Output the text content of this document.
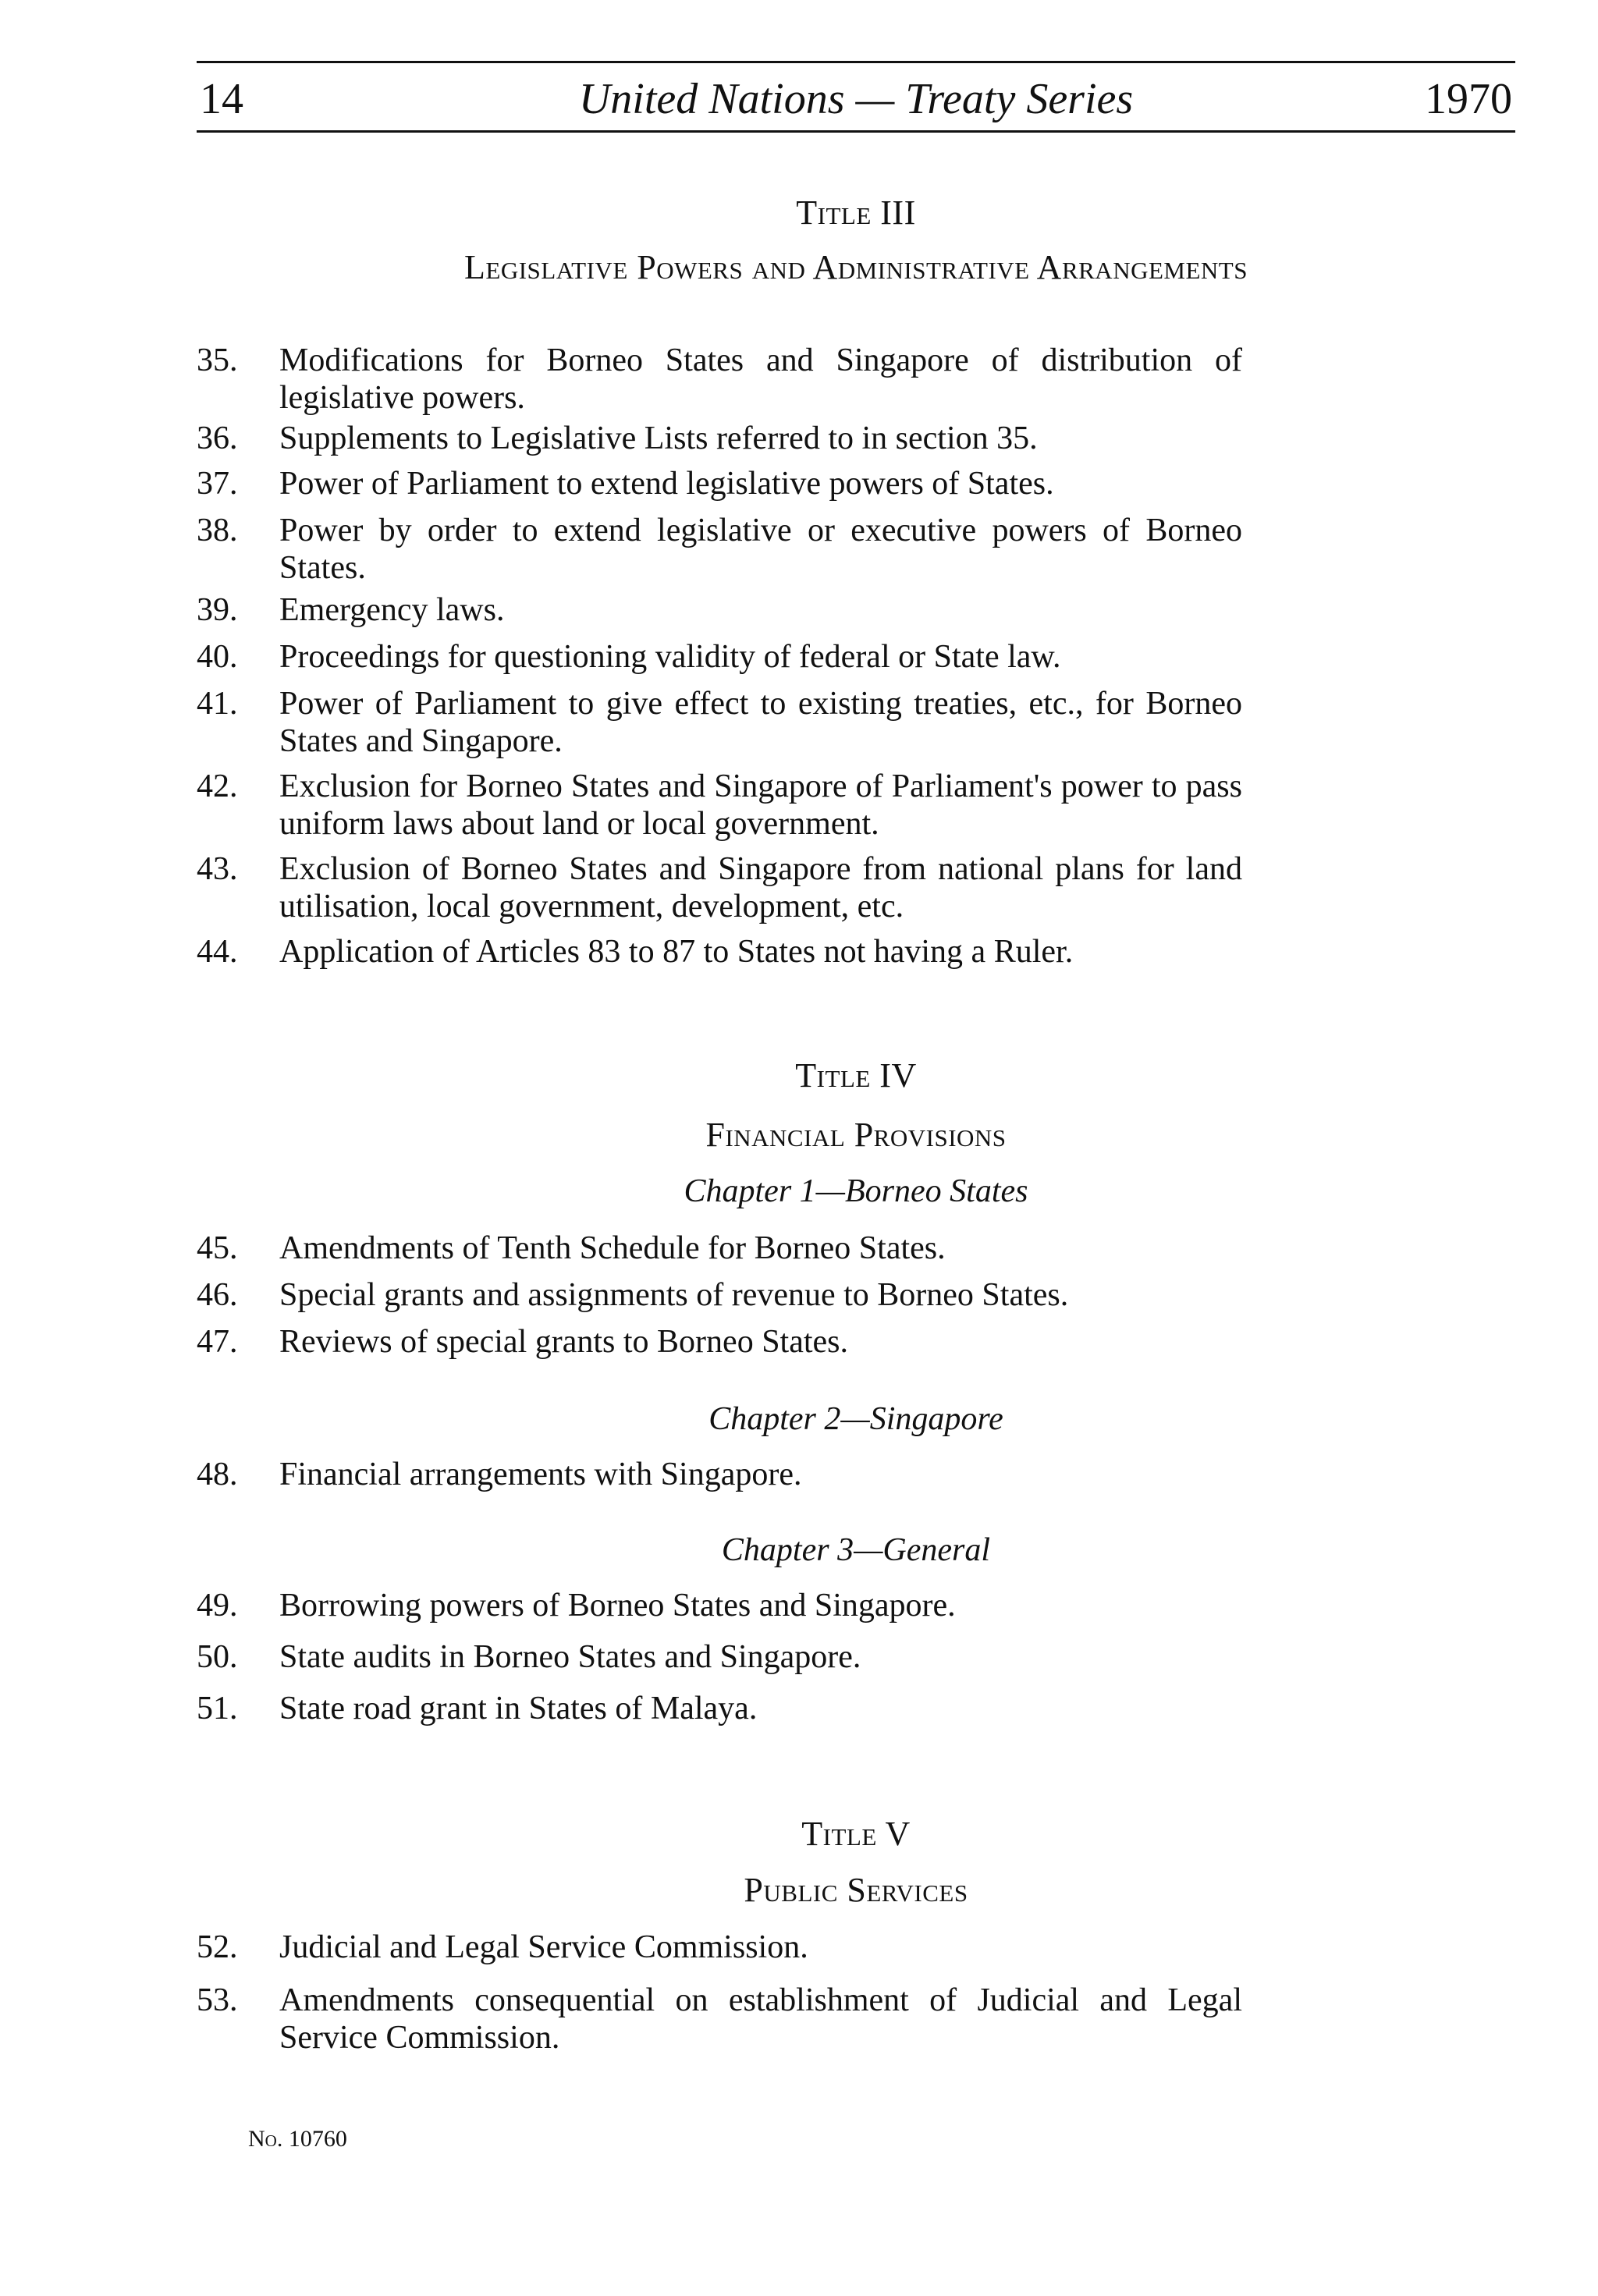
14	United Nations — Treaty Series	1970
Title III
Legislative Powers and Administrative Arrangements
35. Modifications for Borneo States and Singapore of distribution of legislative powers.
36. Supplements to Legislative Lists referred to in section 35.
37. Power of Parliament to extend legislative powers of States.
38. Power by order to extend legislative or executive powers of Borneo States.
39. Emergency laws.
40. Proceedings for questioning validity of federal or State law.
41. Power of Parliament to give effect to existing treaties, etc., for Borneo States and Singapore.
42. Exclusion for Borneo States and Singapore of Parliament's power to pass uniform laws about land or local government.
43. Exclusion of Borneo States and Singapore from national plans for land utilisation, local government, development, etc.
44. Application of Articles 83 to 87 to States not having a Ruler.
Title IV
Financial Provisions
Chapter 1—Borneo States
45. Amendments of Tenth Schedule for Borneo States.
46. Special grants and assignments of revenue to Borneo States.
47. Reviews of special grants to Borneo States.
Chapter 2—Singapore
48. Financial arrangements with Singapore.
Chapter 3—General
49. Borrowing powers of Borneo States and Singapore.
50. State audits in Borneo States and Singapore.
51. State road grant in States of Malaya.
Title V
Public Services
52. Judicial and Legal Service Commission.
53. Amendments consequential on establishment of Judicial and Legal Service Commission.
No. 10760
